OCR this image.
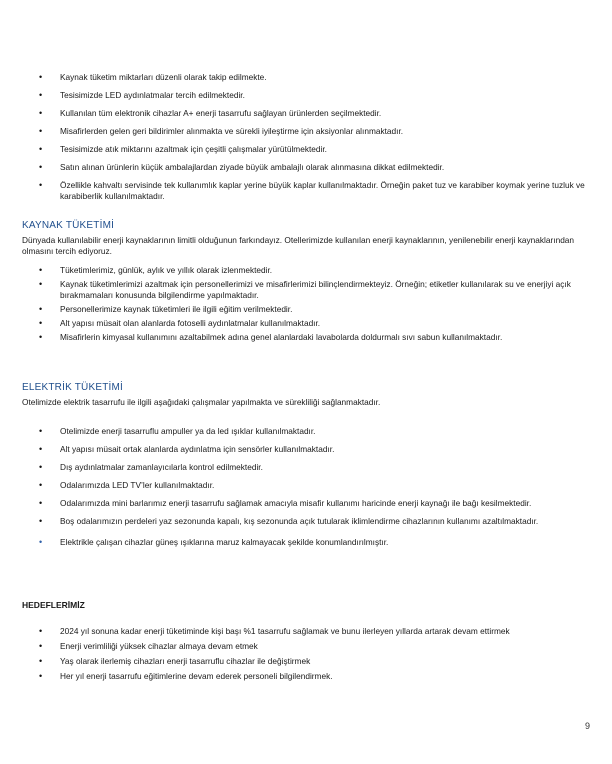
• Kaynak tüketim miktarları düzenli olarak takip edilmekte.
• Tesisimizde LED aydınlatmalar tercih edilmektedir.
• Kullanılan tüm elektronik cihazlar A+ enerji tasarrufu sağlayan ürünlerden seçilmektedir.
• Misafirlerden gelen geri bildirimler alınmakta ve sürekli iyileştirme için aksiyonlar alınmaktadır.
• Tesisimizde atık miktarını azaltmak için çeşitli çalışmalar yürütülmektedir.
• Satın alınan ürünlerin küçük ambalajlardan ziyade büyük ambalajlı olarak alınmasına dikkat edilmektedir.
• Özellikle kahvaltı servisinde tek kullanımlık kaplar yerine büyük kaplar kullanılmaktadır. Örneğin paket tuz ve karabiber koymak yerine tuzluk ve karabiberlik kullanılmaktadır.
KAYNAK TÜKETİMİ
Dünyada kullanılabilir enerji kaynaklarının limitli olduğunun farkındayız. Otellerimizde kullanılan enerji kaynaklarının, yenilenebilir enerji kaynaklarından olmasını tercih ediyoruz.
• Tüketimlerimiz, günlük, aylık ve yıllık olarak izlenmektedir.
• Kaynak tüketimlerimizi azaltmak için personellerimizi ve misafirlerimizi bilinçlendirmekteyiz. Örneğin; etiketler kullanılarak su ve enerjiyi açık bırakmamaları konusunda bilgilendirme yapılmaktadır.
• Personellerimize kaynak tüketimleri ile ilgili eğitim verilmektedir.
• Alt yapısı müsait olan alanlarda fotoselli aydınlatmalar kullanılmaktadır.
• Misafirlerin kimyasal kullanımını azaltabilmek adına genel alanlardaki lavabolarda doldurmalı sıvı sabun kullanılmaktadır.
ELEKTRİK TÜKETİMİ
Otelimizde elektrik tasarrufu ile ilgili aşağıdaki çalışmalar yapılmakta ve sürekliliği sağlanmaktadır.
• Otelimizde enerji tasarruflu ampuller ya da led ışıklar kullanılmaktadır.
• Alt yapısı müsait ortak alanlarda aydınlatma için sensörler kullanılmaktadır.
• Dış aydınlatmalar zamanlayıcılarla kontrol edilmektedir.
• Odalarımızda LED TV’ler kullanılmaktadır.
• Odalarımızda mini barlarımız enerji tasarrufu sağlamak amacıyla misafir kullanımı haricinde enerji kaynağı ile bağı kesilmektedir.
• Boş odalarımızın perdeleri yaz sezonunda kapalı, kış sezonunda açık tutularak iklimlendirme cihazlarının kullanımı azaltılmaktadır.
• Elektrikle çalışan cihazlar güneş ışıklarına maruz kalmayacak şekilde konumlandırılmıştır.
HEDEFLERİMİZ
• 2024 yıl sonuna kadar enerji tüketiminde kişi başı %1 tasarrufu sağlamak ve bunu ilerleyen yıllarda artarak devam ettirmek
• Enerji verimliliği yüksek cihazlar almaya devam etmek
• Yaş olarak ilerlemiş cihazları enerji tasarruflu cihazlar ile değiştirmek
• Her yıl enerji tasarrufu eğitimlerine devam ederek personeli bilgilendirmek.
9
